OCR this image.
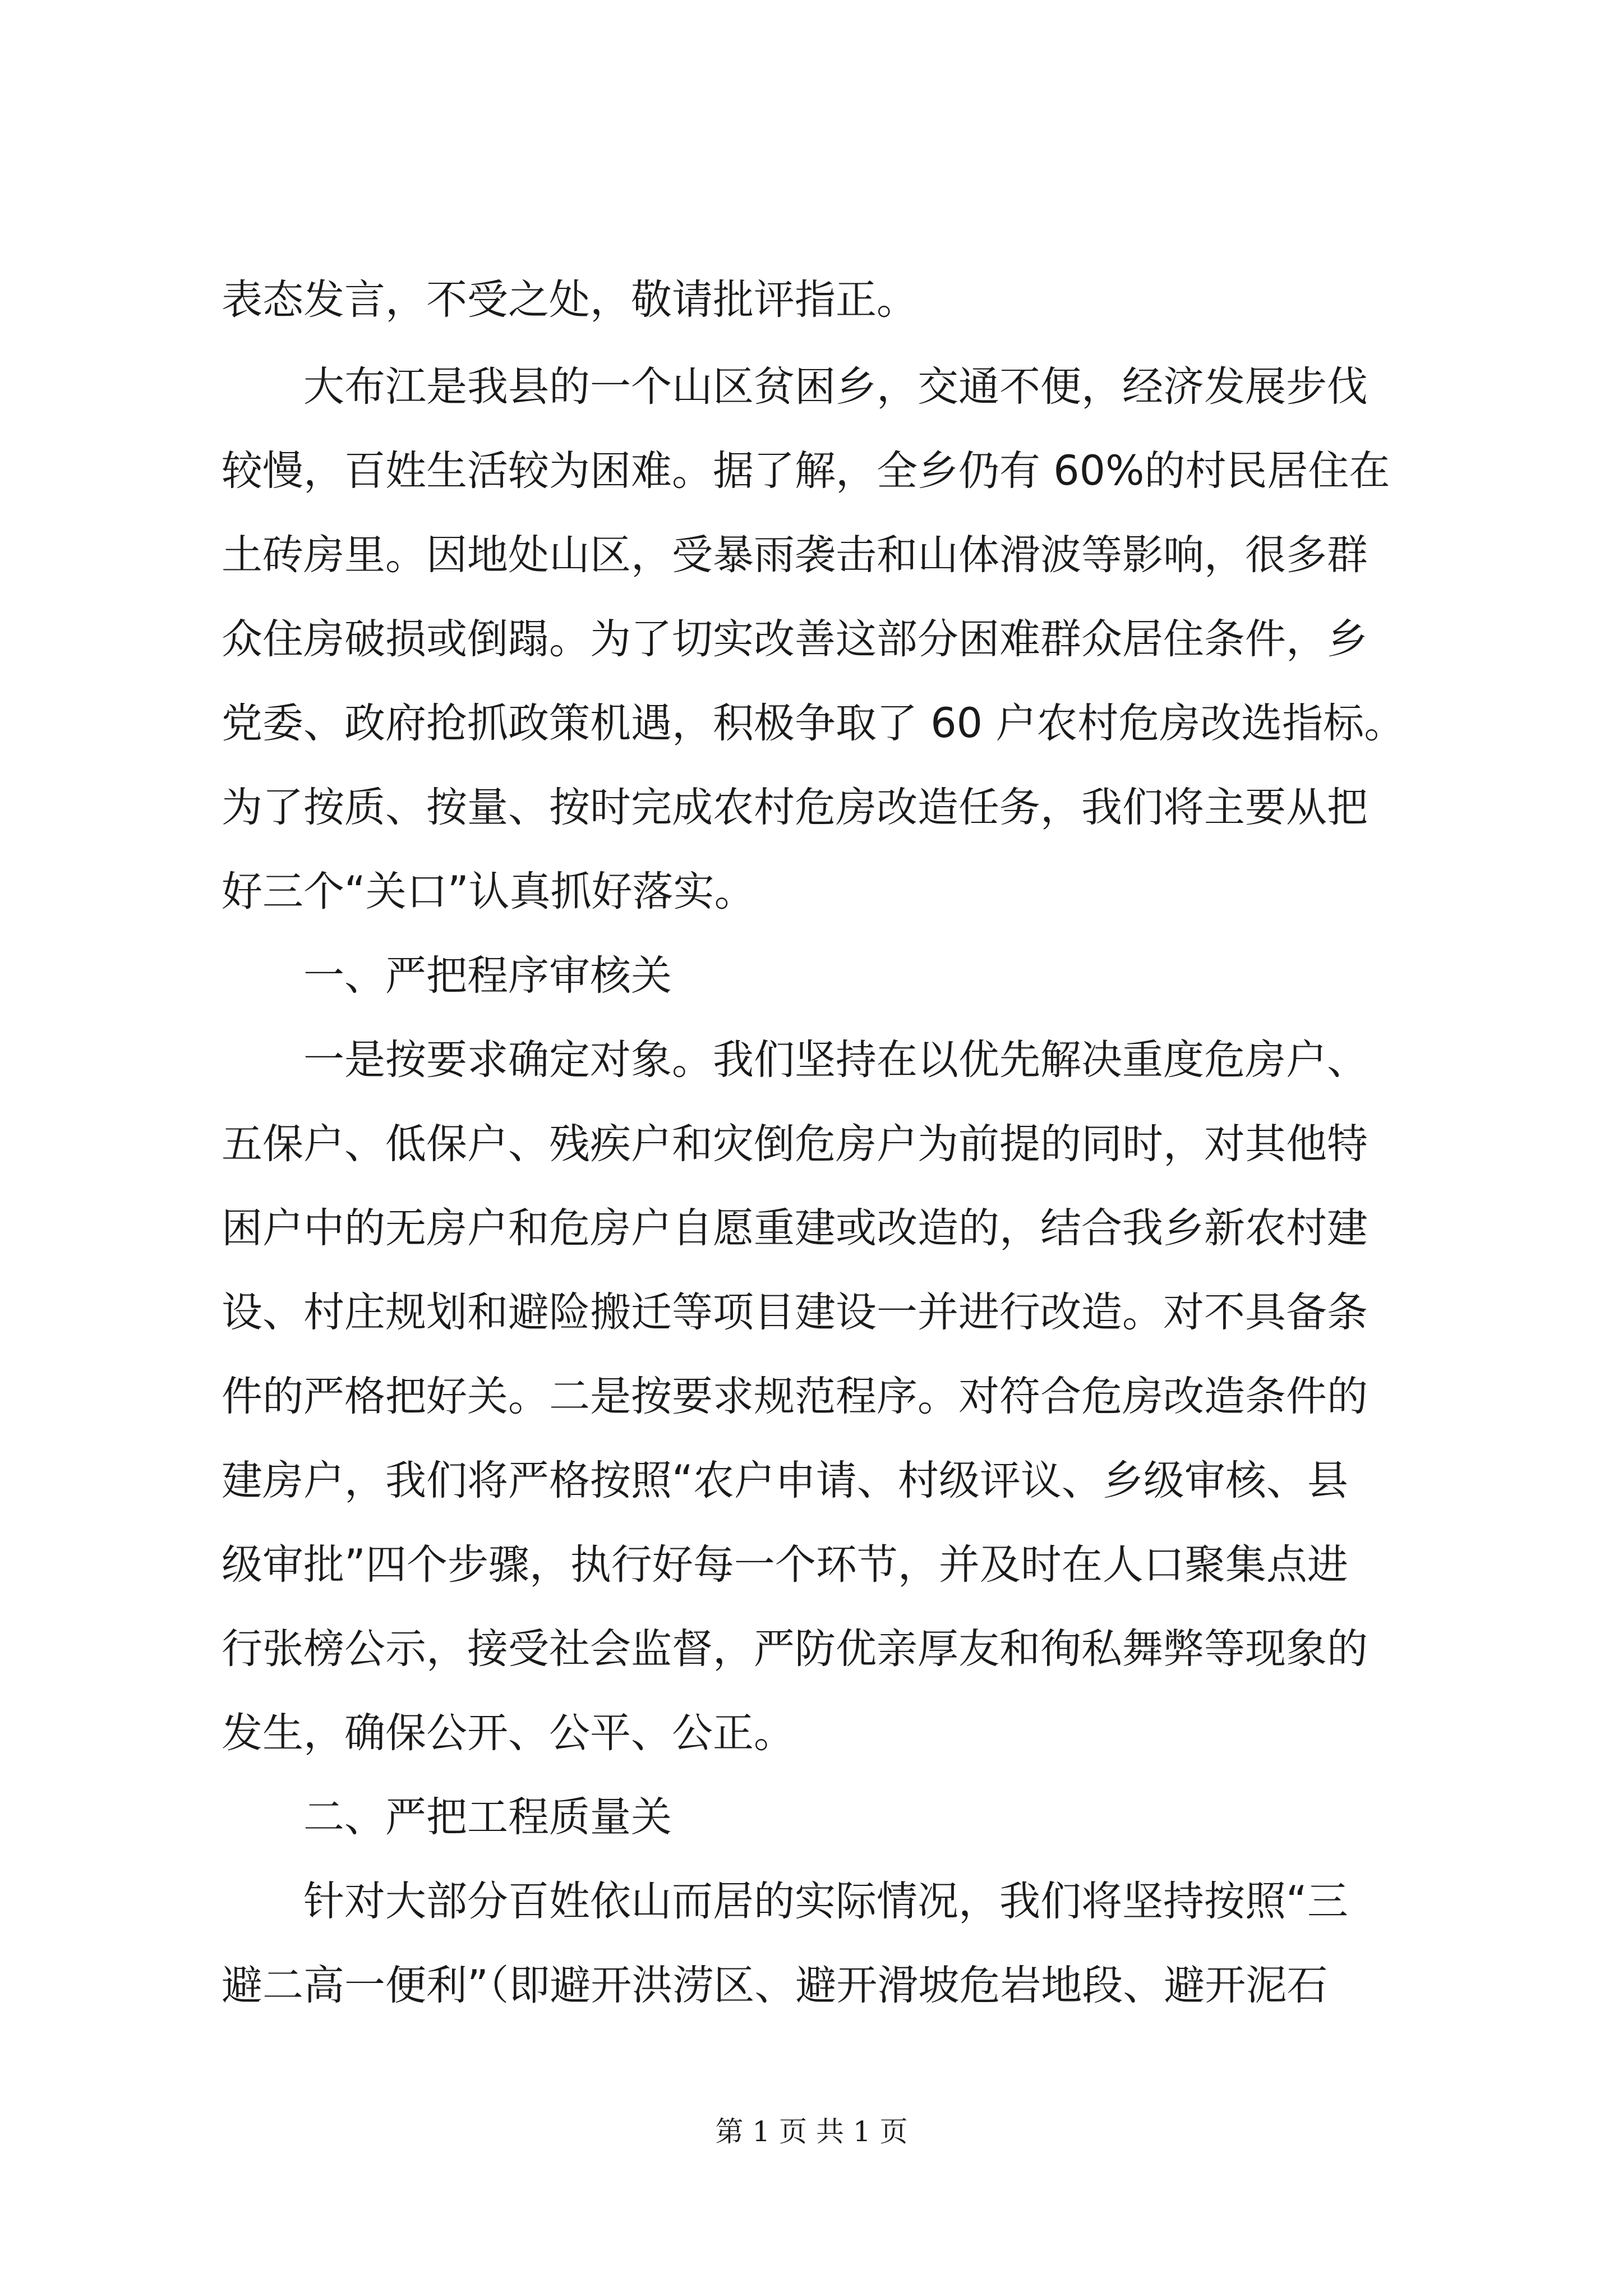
表态发言，不受之处，敬请批评指正。
　　大布江是我县的一个山区贫困乡，交通不便，经济发展步伐
较慢，百姓生活较为困难。据了解，全乡仍有 60%的村民居住在
土砖房里。因地处山区，受暴雨袭击和山体滑波等影响，很多群
众住房破损或倒蹋。为了切实改善这部分困难群众居住条件，乡
党委、政府抢抓政策机遇，积极争取了 60 户农村危房改选指标。
为了按质、按量、按时完成农村危房改造任务，我们将主要从把
好三个“关口”认真抓好落实。
　　一、严把程序审核关
　　一是按要求确定对象。我们坚持在以优先解决重度危房户、
五保户、低保户、残疾户和灾倒危房户为前提的同时，对其他特
困户中的无房户和危房户自愿重建或改造的，结合我乡新农村建
设、村庄规划和避险搬迁等项目建设一并进行改造。对不具备条
件的严格把好关。二是按要求规范程序。对符合危房改造条件的
建房户，我们将严格按照“农户申请、村级评议、乡级审核、县
级审批”四个步骤，执行好每一个环节，并及时在人口聚集点进
行张榜公示，接受社会监督，严防优亲厚友和徇私舞弊等现象的
发生，确保公开、公平、公正。
　　二、严把工程质量关
　　针对大部分百姓依山而居的实际情况，我们将坚持按照“三
避二高一便利”（即避开洪涝区、避开滑坡危岩地段、避开泥石
第 1 页 共 1 页
